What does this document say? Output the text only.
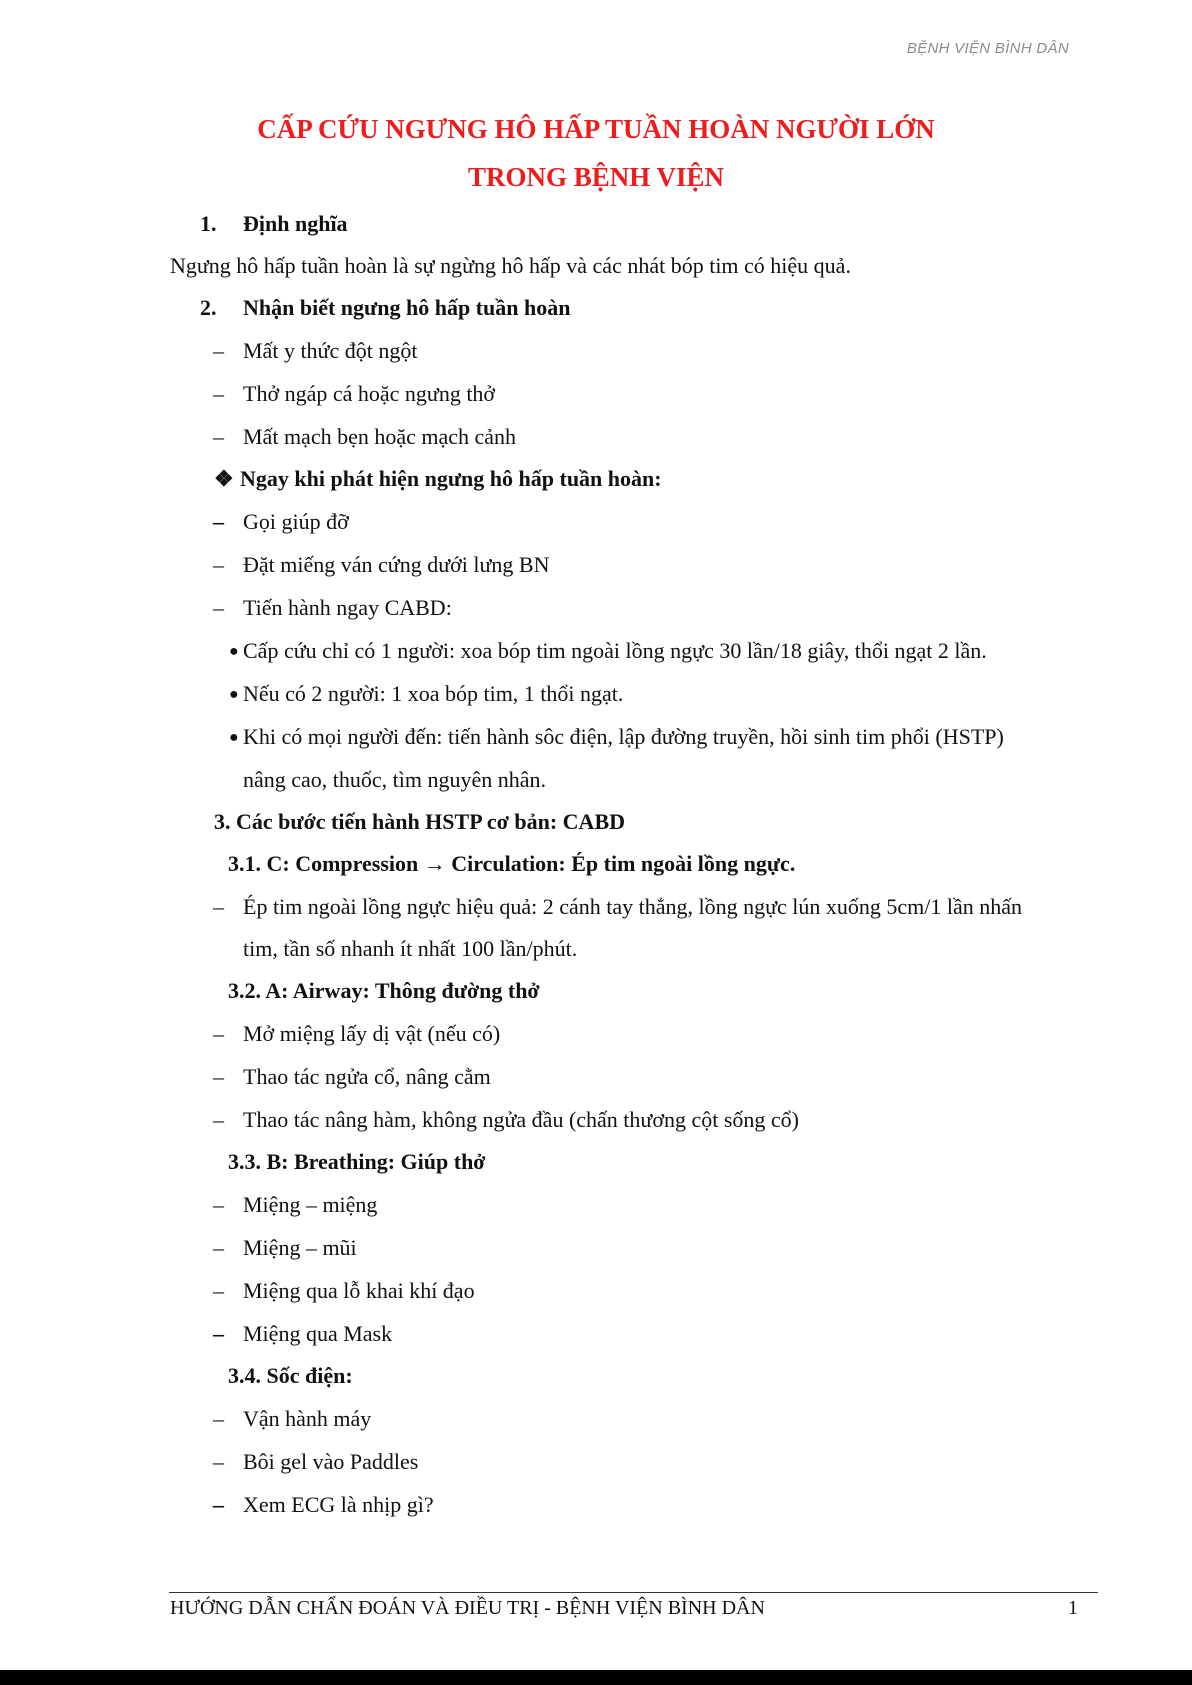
BỆNH VIỆN BÌNH DÂN
CẤP CỨU NGƯNG HÔ HẤP TUẦN HOÀN NGƯỜI LỚN
TRONG BỆNH VIỆN
1. Định nghĩa
Ngưng hô hấp tuần hoàn là sự ngừng hô hấp và các nhát bóp tim có hiệu quả.
2. Nhận biết ngưng hô hấp tuần hoàn
– Mất y thức đột ngột
– Thở ngáp cá hoặc ngưng thở
– Mất mạch bẹn hoặc mạch cảnh
❖ Ngay khi phát hiện ngưng hô hấp tuần hoàn:
– Gọi giúp đỡ
– Đặt miếng ván cứng dưới lưng BN
– Tiến hành ngay CABD:
● Cấp cứu chỉ có 1 người: xoa bóp tim ngoài lồng ngực 30 lần/18 giây, thổi ngạt 2 lần.
● Nếu có 2 người: 1 xoa bóp tim, 1 thổi ngạt.
● Khi có mọi người đến: tiến hành sôc điện, lập đường truyền, hồi sinh tim phổi (HSTP)
nâng cao, thuốc, tìm nguyên nhân.
3. Các bước tiến hành HSTP cơ bản: CABD
3.1. C: Compression → Circulation: Ép tim ngoài lồng ngực.
– Ép tim ngoài lồng ngực hiệu quả: 2 cánh tay thẳng, lồng ngực lún xuống 5cm/1 lần nhấn
tim, tần số nhanh ít nhất 100 lần/phút.
3.2. A: Airway: Thông đường thở
– Mở miệng lấy dị vật (nếu có)
– Thao tác ngửa cổ, nâng cằm
– Thao tác nâng hàm, không ngửa đầu (chấn thương cột sống cổ)
3.3. B: Breathing: Giúp thở
– Miệng – miệng
– Miệng – mũi
– Miệng qua lỗ khai khí đạo
– Miệng qua Mask
3.4. Sốc điện:
– Vận hành máy
– Bôi gel vào Paddles
– Xem ECG là nhịp gì?
HƯỚNG DẪN CHẨN ĐOÁN VÀ ĐIỀU TRỊ - BỆNH VIỆN BÌNH DÂN	1
